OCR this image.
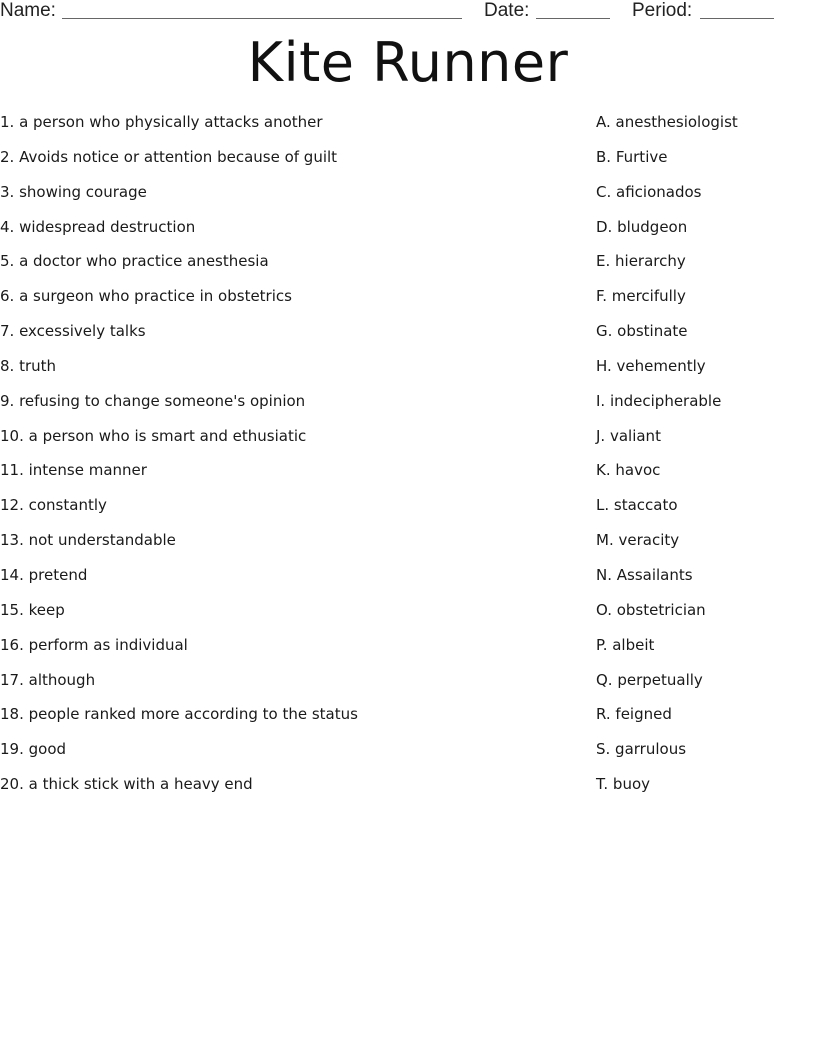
Name:	Date:	Period:
Kite Runner
1. a person who physically attacks another
2. Avoids notice or attention because of guilt
3. showing courage
4. widespread destruction
5. a doctor who practice anesthesia
6. a surgeon who practice in obstetrics
7. excessively talks
8. truth
9. refusing to change someone's opinion
10. a person who is smart and ethusiatic
11. intense manner
12. constantly
13. not understandable
14. pretend
15. keep
16. perform as individual
17. although
18. people ranked more according to the status
19. good
20. a thick stick with a heavy end
A. anesthesiologist
B. Furtive
C. aficionados
D. bludgeon
E. hierarchy
F. mercifully
G. obstinate
H. vehemently
I. indecipherable
J. valiant
K. havoc
L. staccato
M. veracity
N. Assailants
O. obstetrician
P. albeit
Q. perpetually
R. feigned
S. garrulous
T. buoy
